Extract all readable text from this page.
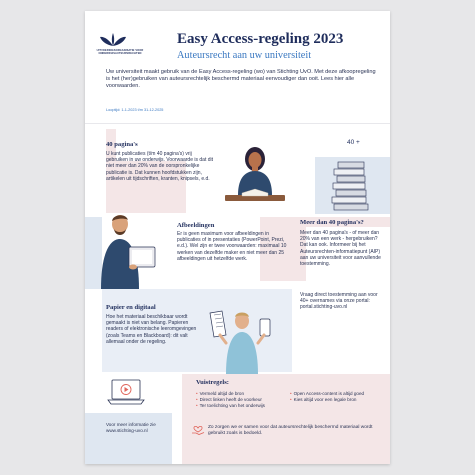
UITVOERINGSORGANISATIE VOOR ONDERWIJSAUTEURSRECHTEN
Easy Access-regeling 2023
Auteursrecht aan uw universiteit
Uw universiteit maakt gebruik van de Easy Access-regeling (wo) van Stichting UvO. Met deze afkoopregeling is het (her)gebruiken van auteursrechtelijk beschermd materiaal eenvoudiger dan ooit. Lees hier alle voorwaarden.
Looptijd: 1-1-2023 t/m 31-12-2025
40 pagina's
U kunt publicaties (t/m 40 pagina's) vrij gebruiken in uw onderwijs. Voorwaarde is dat dit niet meer dan 20% van de oorspronkelijke publicatie is. Dat kunnen hoofdstukken zijn, artikelen uit tijdschriften, kranten, knipsels, e.d.
40 +
Afbeeldingen
Er is geen maximum voor afbeeldingen in publicaties of in presentaties (PowerPoint, Prezi, e.d.). Wel zijn er twee voorwaarden: maximaal 10 werken van dezelfde maker en niet meer dan 25 afbeeldingen uit hetzelfde werk.
Meer dan 40 pagina's?
Meer dan 40 pagina's - of meer dan 20% van een werk - hergebruiken? Dat kan ook. Informeer bij het Auteursrechten-informatiepunt (AIP) aan uw universiteit voor aanvullende toestemming.
Vraag direct toestemming aan voor 40+ overnames via onze portal: portal.stichting-uvo.nl
Papier en digitaal
Hoe het materiaal beschikbaar wordt gemaakt is niet van belang. Papieren readers of elektronische leeromgevingen (zoals Teams en Blackboard): dit valt allemaal onder de regeling.
Vuistregels:
• Vermeld altijd de bron
• Direct linken heeft de voorkeur
• Ter toelichting van het onderwijs
• Open Access-content is altijd goed
• Kies altijd voor een legale bron
Voor meer informatie zie www.stichting-uvo.nl
Zo zorgen we er samen voor dat auteursrechtelijk beschermd materiaal wordt gebruikt zoals is bedoeld.
